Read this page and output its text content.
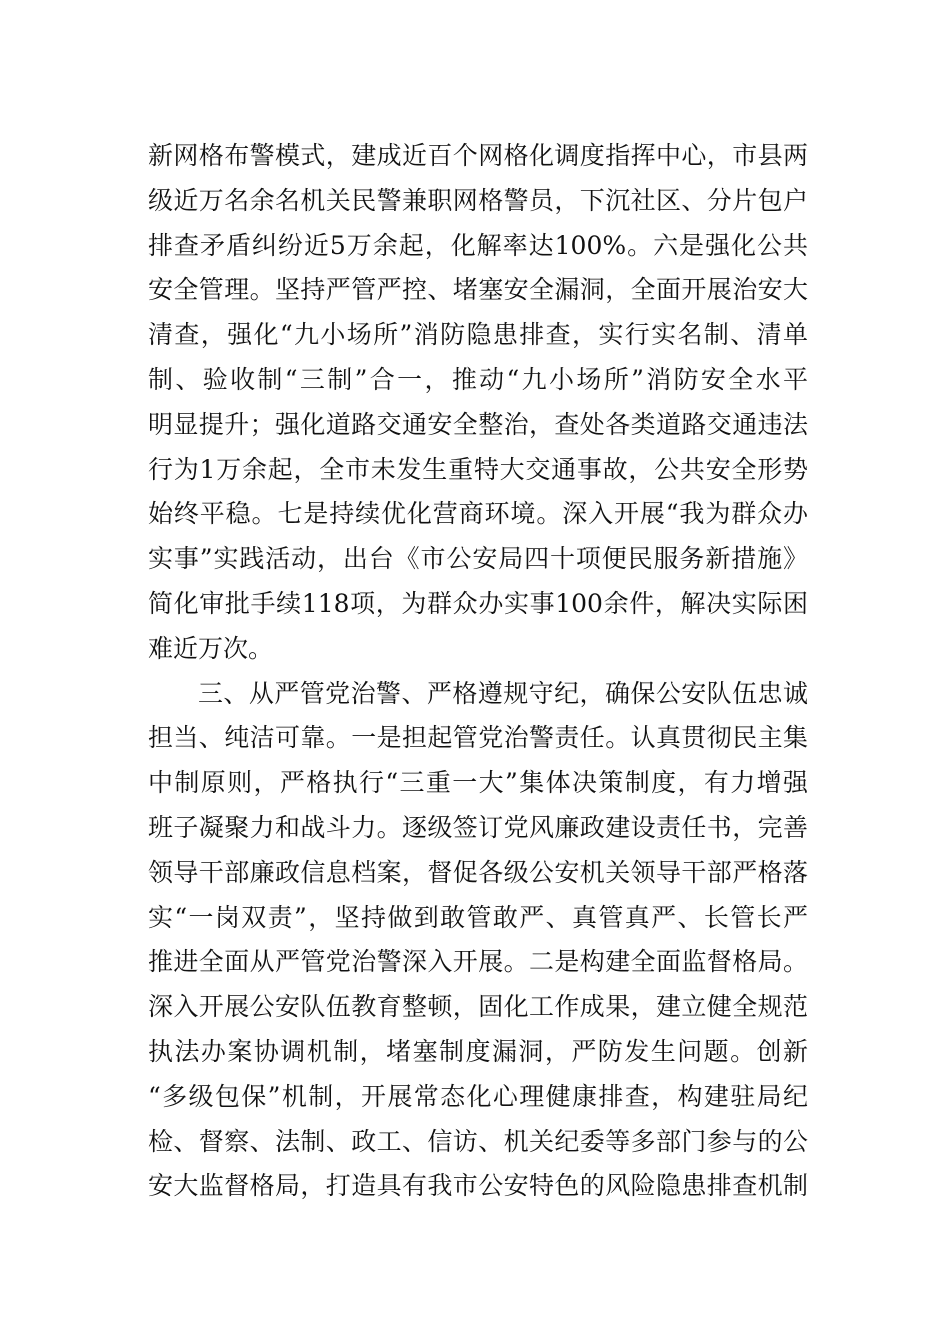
新网格布警模式，建成近百个网格化调度指挥中心，市县两
级近万名余名机关民警兼职网格警员，下沉社区、分片包户
排查矛盾纠纷近5万余起，化解率达100%。六是强化公共
安全管理。坚持严管严控、堵塞安全漏洞，全面开展治安大
清查，强化“九小场所”消防隐患排查，实行实名制、清单
制、验收制“三制”合一，推动“九小场所”消防安全水平
明显提升；强化道路交通安全整治，查处各类道路交通违法
行为1万余起，全市未发生重特大交通事故，公共安全形势
始终平稳。七是持续优化营商环境。深入开展“我为群众办
实事”实践活动，出台《市公安局四十项便民服务新措施》
简化审批手续118项，为群众办实事100余件，解决实际困
难近万次。
三、从严管党治警、严格遵规守纪，确保公安队伍忠诚
担当、纯洁可靠。一是担起管党治警责任。认真贯彻民主集
中制原则，严格执行“三重一大”集体决策制度，有力增强
班子凝聚力和战斗力。逐级签订党风廉政建设责任书，完善
领导干部廉政信息档案，督促各级公安机关领导干部严格落
实“一岗双责”，坚持做到敢管敢严、真管真严、长管长严
推进全面从严管党治警深入开展。二是构建全面监督格局。
深入开展公安队伍教育整顿，固化工作成果，建立健全规范
执法办案协调机制，堵塞制度漏洞，严防发生问题。创新
“多级包保”机制，开展常态化心理健康排查，构建驻局纪
检、督察、法制、政工、信访、机关纪委等多部门参与的公
安大监督格局，打造具有我市公安特色的风险隐患排查机制
